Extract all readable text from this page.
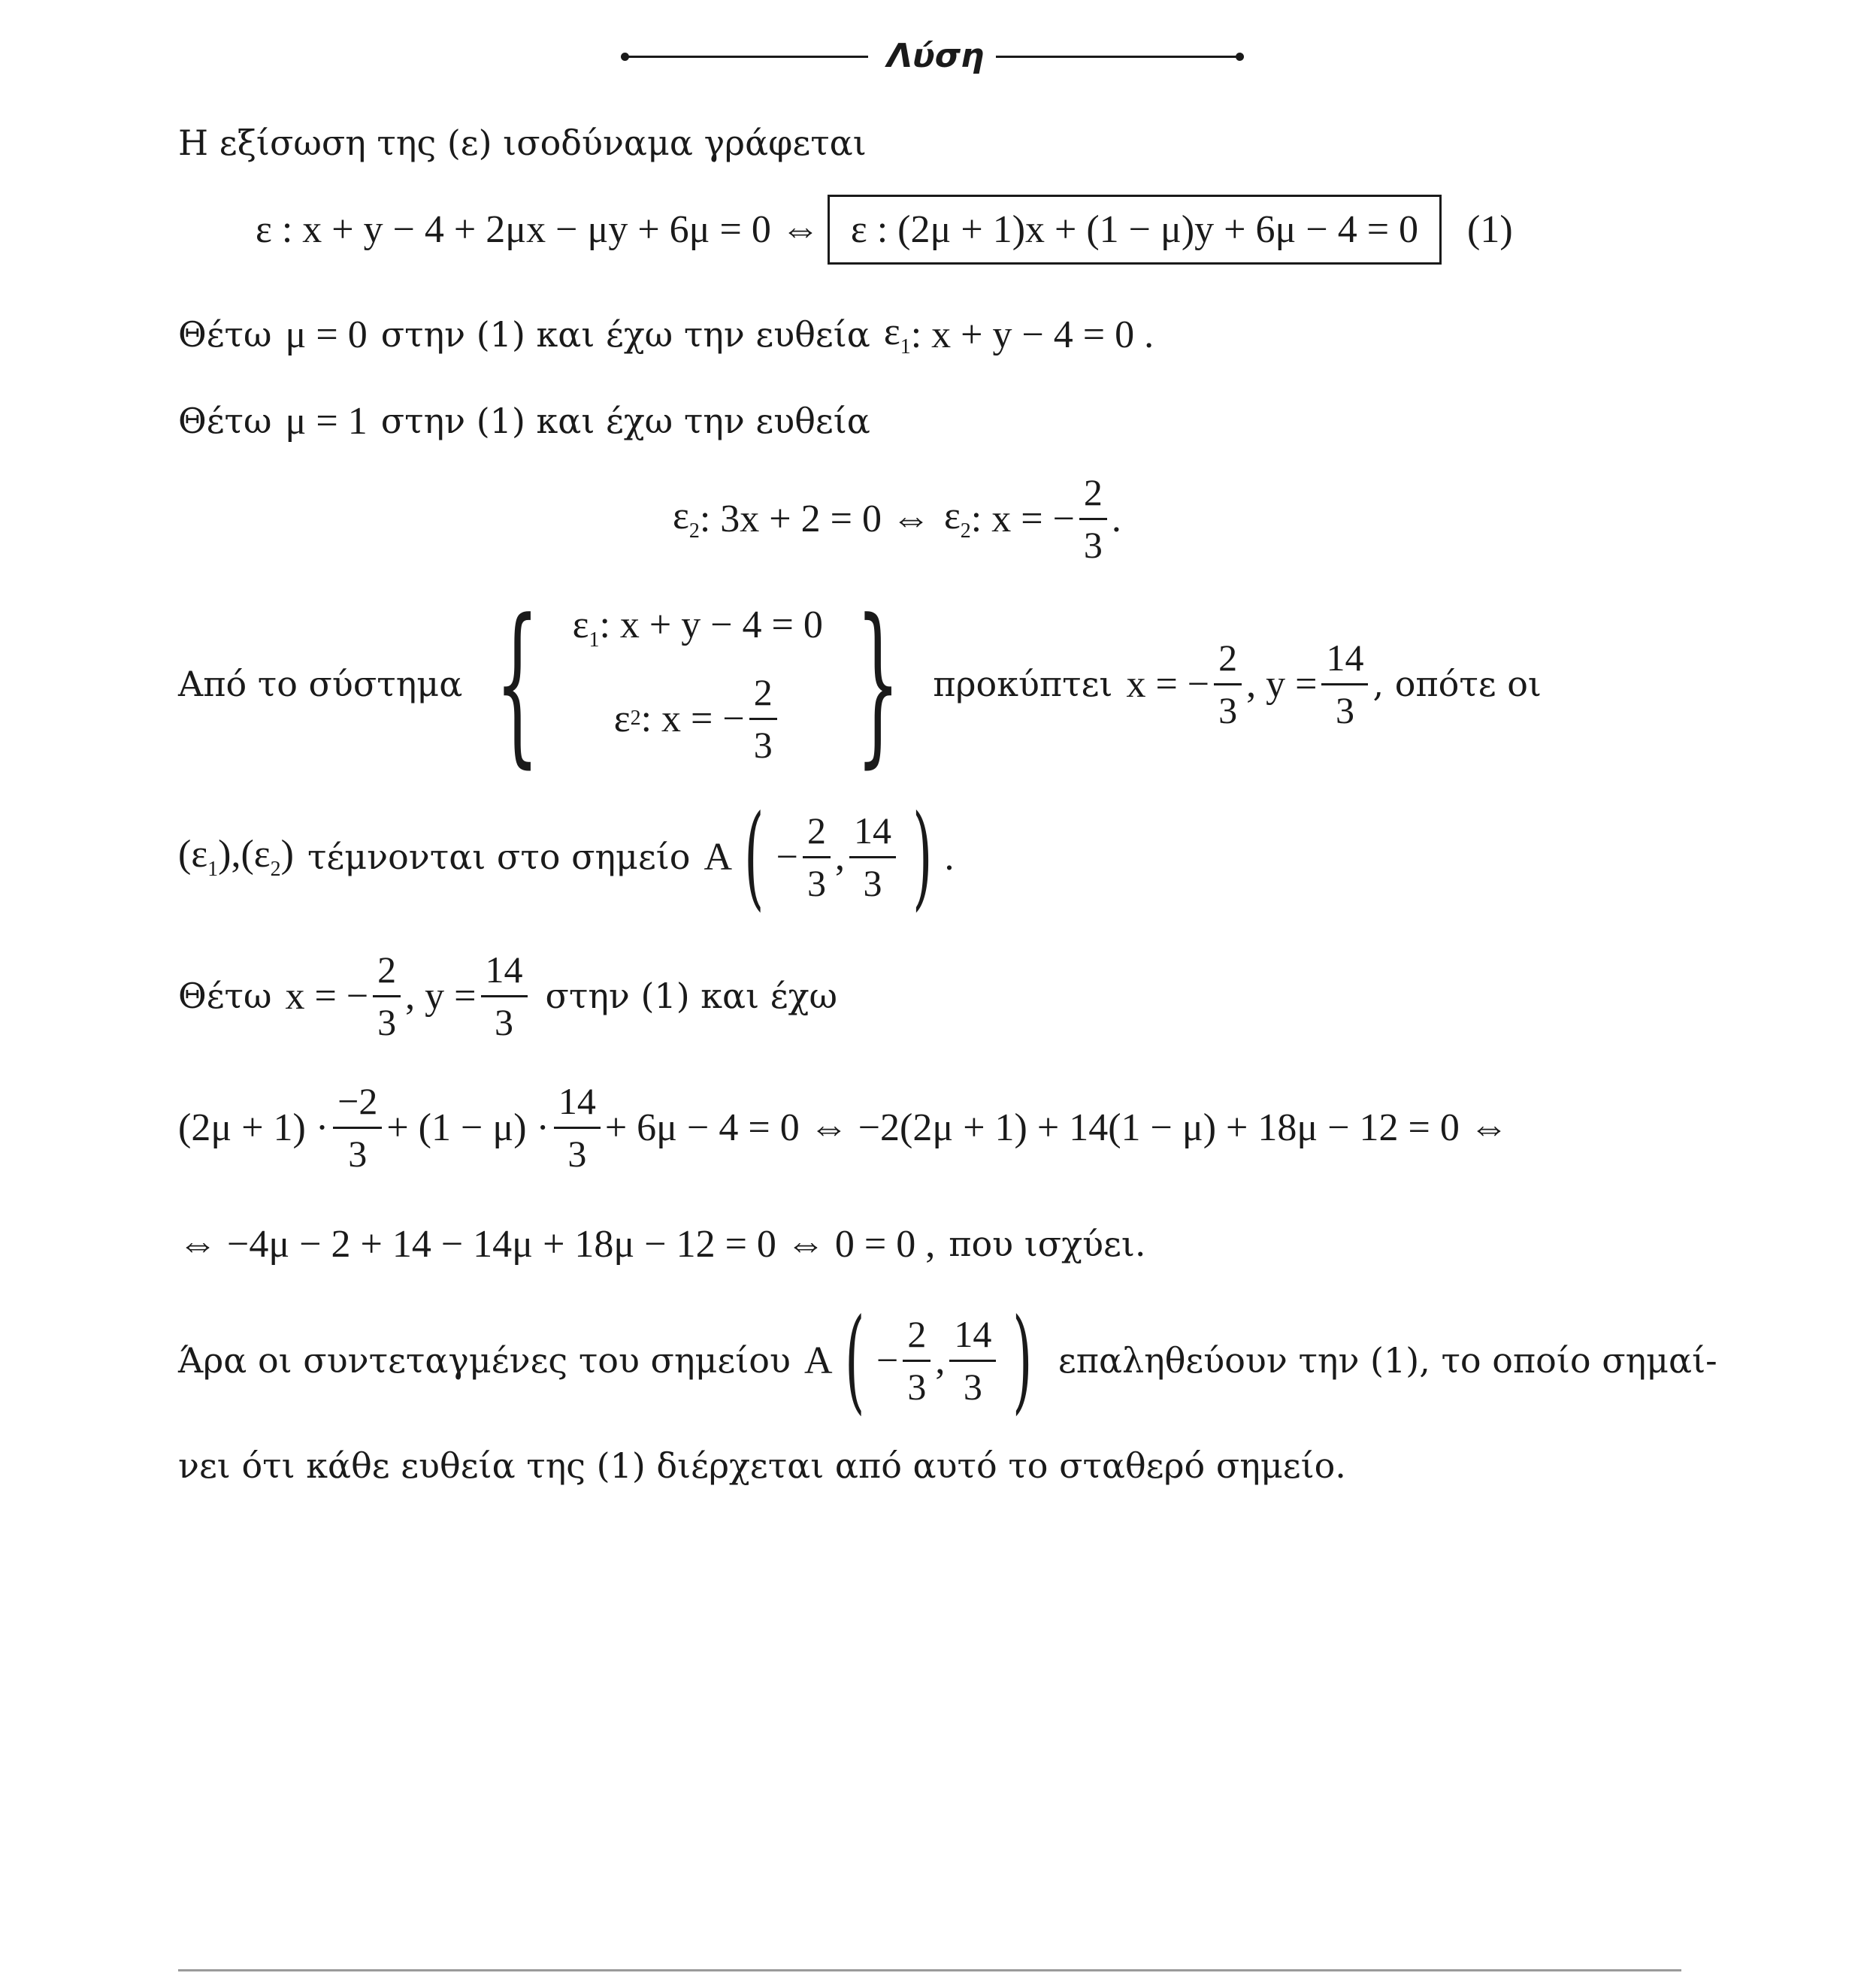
Λύση
Η εξίσωση της (ε) ισοδύναμα γράφεται
ε : x + y − 4 + 2μx − μy + 6μ = 0 ⇔ ε : (2μ + 1)x + (1 − μ)y + 6μ − 4 = 0	(1)
Θέτω μ = 0 στην (1) και έχω την ευθεία $\varepsilon_1$ : x + y − 4 = 0 .
Θέτω μ = 1 στην (1) και έχω την ευθεία
$\varepsilon_2$ : 3x + 2 = 0 ⇔ $\varepsilon_2$ : x = − $\frac{2}{3}$ .
Από το σύστημα { $\varepsilon_1$: x + y − 4 = 0
ε 2 : x = − $\frac{2}{3}$ } προκύπτει x = − $\frac{2}{3}$ , $y = \frac{14}{3}$ , οπότε οι
$(\varepsilon_1),(\varepsilon_2)$ τέμνονται στο σημείο A ( − $\frac{2}{3}$ , $\frac{14}{3}$ ) .
Θέτω x = − $\frac{2}{3}$ , $y = \frac{14}{3}$ στην (1) και έχω
$(2\mu + 1) \cdot \frac{-2}{3} + (1 - \mu) \cdot \frac{14}{3} + 6\mu - 4 = 0$ ⇔ −2(2μ + 1) + 14(1 − μ) + 18μ − 12 = 0 ⇔
⇔ −4μ − 2 + 14 − 14μ + 18μ − 12 = 0 ⇔ 0 = 0 , που ισχύει.
Άρα οι συντεταγμένες του σημείου A ( − $\frac{2}{3}$ , $\frac{14}{3}$ ) επαληθεύουν την (1), το οποίο σημαί-
νει ότι κάθε ευθεία της (1) διέρχεται από αυτό το σταθερό σημείο.
